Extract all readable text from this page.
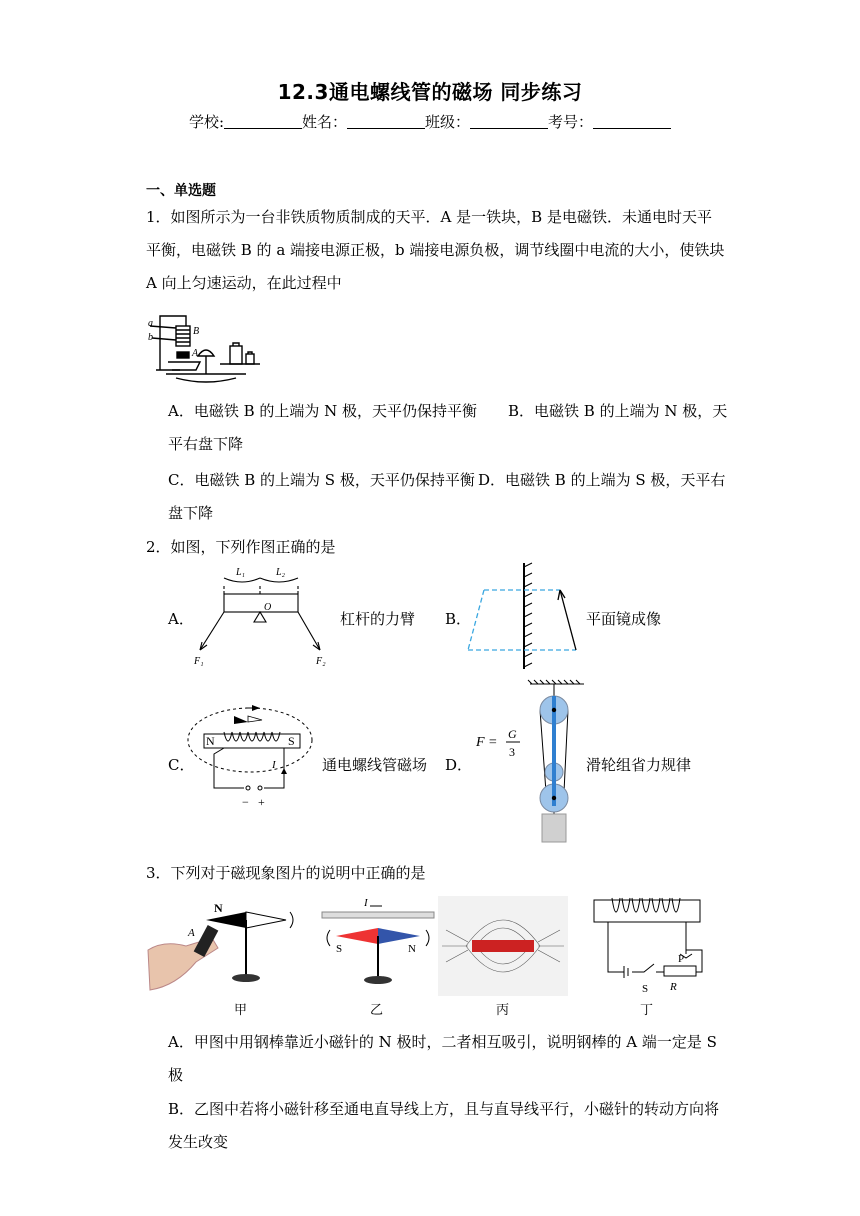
12.3通电螺线管的磁场 同步练习
学校:	姓名：	班级：	考号：
一、单选题
1．如图所示为一台非铁质物质制成的天平．A 是一铁块，B 是电磁铁．未通电时天平
平衡，电磁铁 B 的 a 端接电源正极，b 端接电源负极，调节线圈中电流的大小，使铁块
A 向上匀速运动，在此过程中
a
b
B
A
A．电磁铁 B 的上端为 N 极，天平仍保持平衡 B．电磁铁 B 的上端为 N 极，天
平右盘下降
C．电磁铁 B 的上端为 S 极，天平仍保持平衡 D．电磁铁 B 的上端为 S 极，天平右
盘下降
2．如图，下列作图正确的是
A．
L₁	L₂
O
F₁	F₂
杠杆的力臂 B．	平面镜成像
C．
N	S
I
− +
通电螺线管磁场 D．
F =
G
3
滑轮组省力规律
3．下列对于磁现象图片的说明中正确的是
N
A
I
S	N
S
P
R
甲	乙	丙	丁
A．甲图中用钢棒靠近小磁针的 N 极时，二者相互吸引，说明钢棒的 A 端一定是 S
极
B．乙图中若将小磁针移至通电直导线上方，且与直导线平行，小磁针的转动方向将
发生改变
